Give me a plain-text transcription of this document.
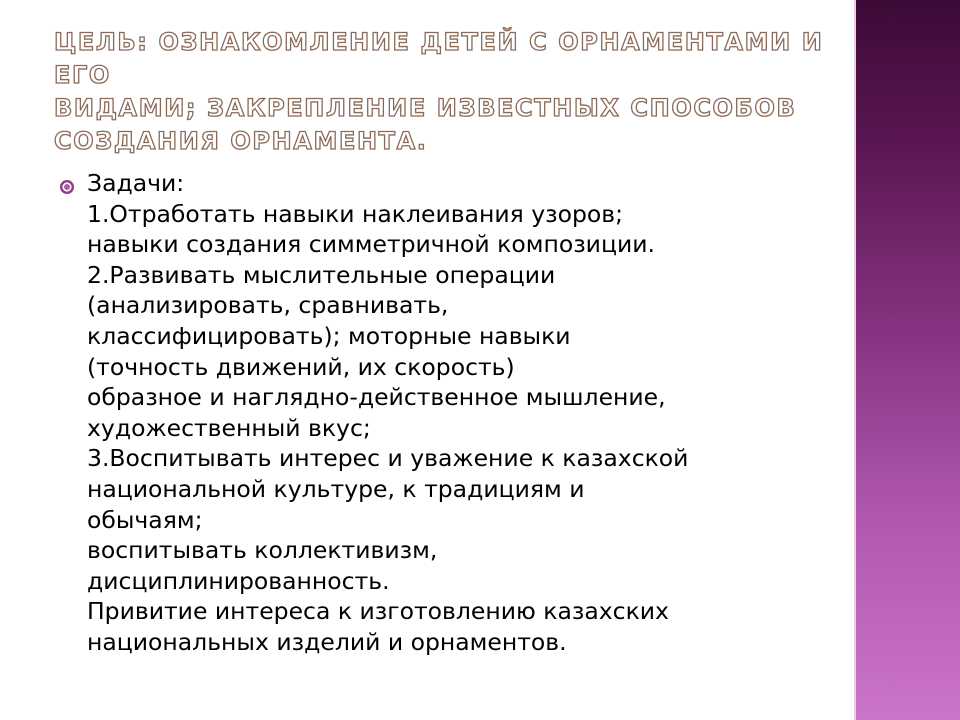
ЦЕЛЬ: ОЗНАКОМЛЕНИЕ ДЕТЕЙ С ОРНАМЕНТАМИ И ЕГО
ВИДАМИ; ЗАКРЕПЛЕНИЕ ИЗВЕСТНЫХ СПОСОБОВ
СОЗДАНИЯ ОРНАМЕНТА.

Задачи:
1.Отработать навыки наклеивания узоров;
навыки создания симметричной композиции.
2.Развивать мыслительные операции
(анализировать, сравнивать,
классифицировать); моторные навыки
(точность движений, их скорость)
образное и наглядно-действенное мышление,
художественный вкус;
3.Воспитывать интерес и уважение к казахской
национальной культуре, к традициям и
обычаям;
воспитывать коллективизм,
дисциплинированность.
Привитие интереса к изготовлению казахских
национальных изделий и орнаментов.
